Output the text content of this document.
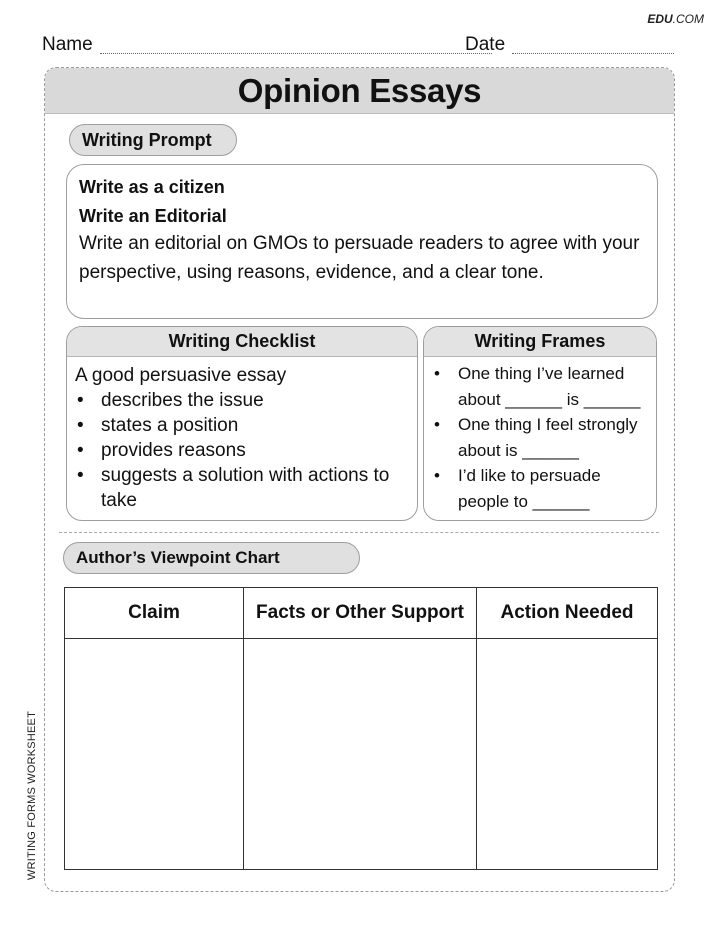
EDU.COM
Name	Date
Opinion Essays
Writing Prompt
Write as a citizen
Write an Editorial
Write an editorial on GMOs to persuade readers to agree with your perspective, using reasons, evidence, and a clear tone.
Writing Checklist
A good persuasive essay
• describes the issue
• states a position
• provides reasons
• suggests a solution with actions to take
Writing Frames
• One thing I’ve learned about ______ is ______
• One thing I feel strongly about is ______
• I’d like to persuade people to ______
Author’s Viewpoint Chart
Claim	Facts or Other Support	Action Needed

WRITING FORMS WORKSHEET
